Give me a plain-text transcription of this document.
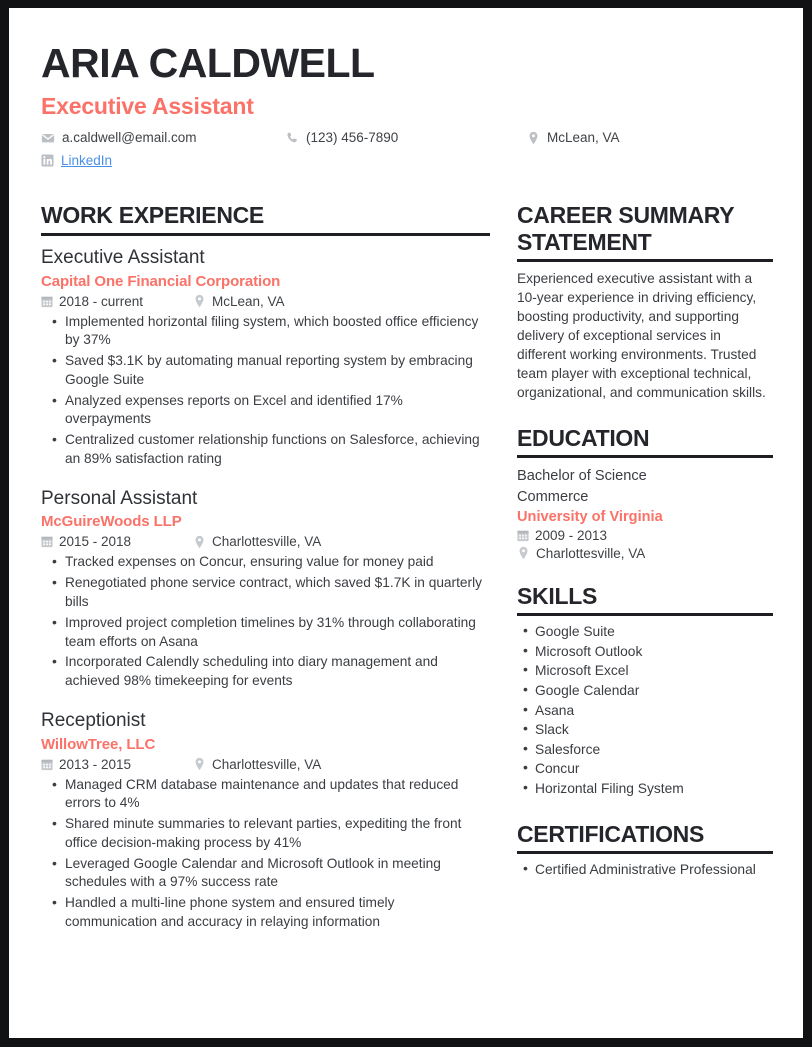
ARIA CALDWELL
Executive Assistant
a.caldwell@email.com	(123) 456-7890	McLean, VA
LinkedIn
WORK EXPERIENCE
Executive Assistant
Capital One Financial Corporation
2018 - current	McLean, VA
• Implemented horizontal filing system, which boosted office efficiency by 37%
• Saved $3.1K by automating manual reporting system by embracing Google Suite
• Analyzed expenses reports on Excel and identified 17% overpayments
• Centralized customer relationship functions on Salesforce, achieving an 89% satisfaction rating
Personal Assistant
McGuireWoods LLP
2015 - 2018	Charlottesville, VA
• Tracked expenses on Concur, ensuring value for money paid
• Renegotiated phone service contract, which saved $1.7K in quarterly bills
• Improved project completion timelines by 31% through collaborating team efforts on Asana
• Incorporated Calendly scheduling into diary management and achieved 98% timekeeping for events
Receptionist
WillowTree, LLC
2013 - 2015	Charlottesville, VA
• Managed CRM database maintenance and updates that reduced errors to 4%
• Shared minute summaries to relevant parties, expediting the front office decision-making process by 41%
• Leveraged Google Calendar and Microsoft Outlook in meeting schedules with a 97% success rate
• Handled a multi-line phone system and ensured timely communication and accuracy in relaying information
CAREER SUMMARY STATEMENT
Experienced executive assistant with a 10-year experience in driving efficiency, boosting productivity, and supporting delivery of exceptional services in different working environments. Trusted team player with exceptional technical, organizational, and communication skills.
EDUCATION
Bachelor of Science
Commerce
University of Virginia
2009 - 2013
Charlottesville, VA
SKILLS
• Google Suite
• Microsoft Outlook
• Microsoft Excel
• Google Calendar
• Asana
• Slack
• Salesforce
• Concur
• Horizontal Filing System
CERTIFICATIONS
• Certified Administrative Professional
